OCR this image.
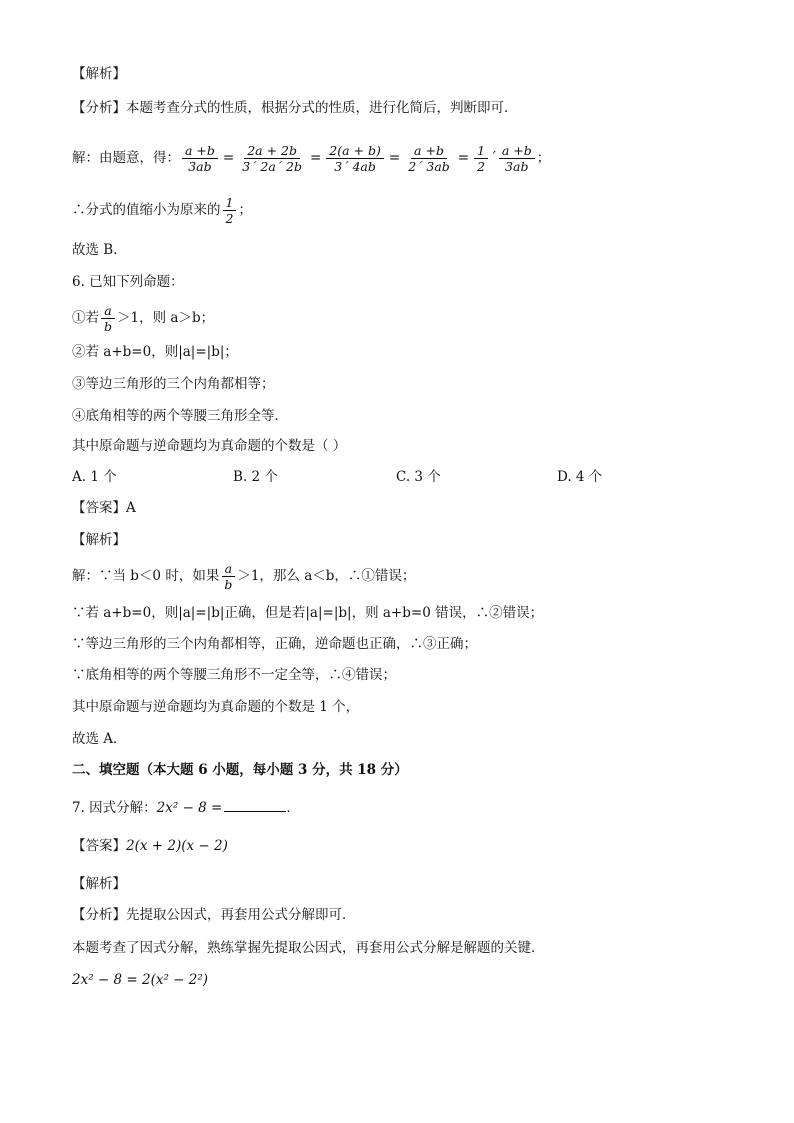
【解析】
【分析】本题考查分式的性质，根据分式的性质，进行化简后，判断即可．
解：由题意，得： $\frac{a +b}{3ab} = \frac{2a + 2b}{3´ 2a´ 2b} = \frac{2(a + b)}{3´ 4ab} = \frac{a +b}{2´ 3ab} = \frac{1}{2}$ ´ $\frac{a +b}{3ab}$ ；
∴分式的值缩小为原来的 $\frac{1}{2}$ ；
故选 B．
6. 已知下列命题：
①若 $\frac{a}{b} >1$，则 a＞b；
②若 a+b=0，则|a|=|b|；
③等边三角形的三个内角都相等；
④底角相等的两个等腰三角形全等．
其中原命题与逆命题均为真命题的个数是（ ）
A. 1 个	B. 2 个	C. 3 个	D. 4 个
【答案】A
【解析】
解：∵当 b＜0 时，如果 $\frac{a}{b} >1$，那么 a＜b，∴①错误；
∵若 a+b=0，则|a|=|b|正确，但是若|a|=|b|，则 a+b=0 错误，∴②错误；
∵等边三角形的三个内角都相等，正确，逆命题也正确，∴③正确；
∵底角相等的两个等腰三角形不一定全等，∴④错误；
其中原命题与逆命题均为真命题的个数是 1 个，
故选 A．
二、填空题（本大题 6 小题，每小题 3 分，共 18 分）
7. 因式分解：2x² − 8 =	．
【答案】2(x + 2)(x − 2)
【解析】
【分析】先提取公因式，再套用公式分解即可．
本题考查了因式分解，熟练掌握先提取公因式，再套用公式分解是解题的关键．
2x² − 8 = 2(x² − 2²)
